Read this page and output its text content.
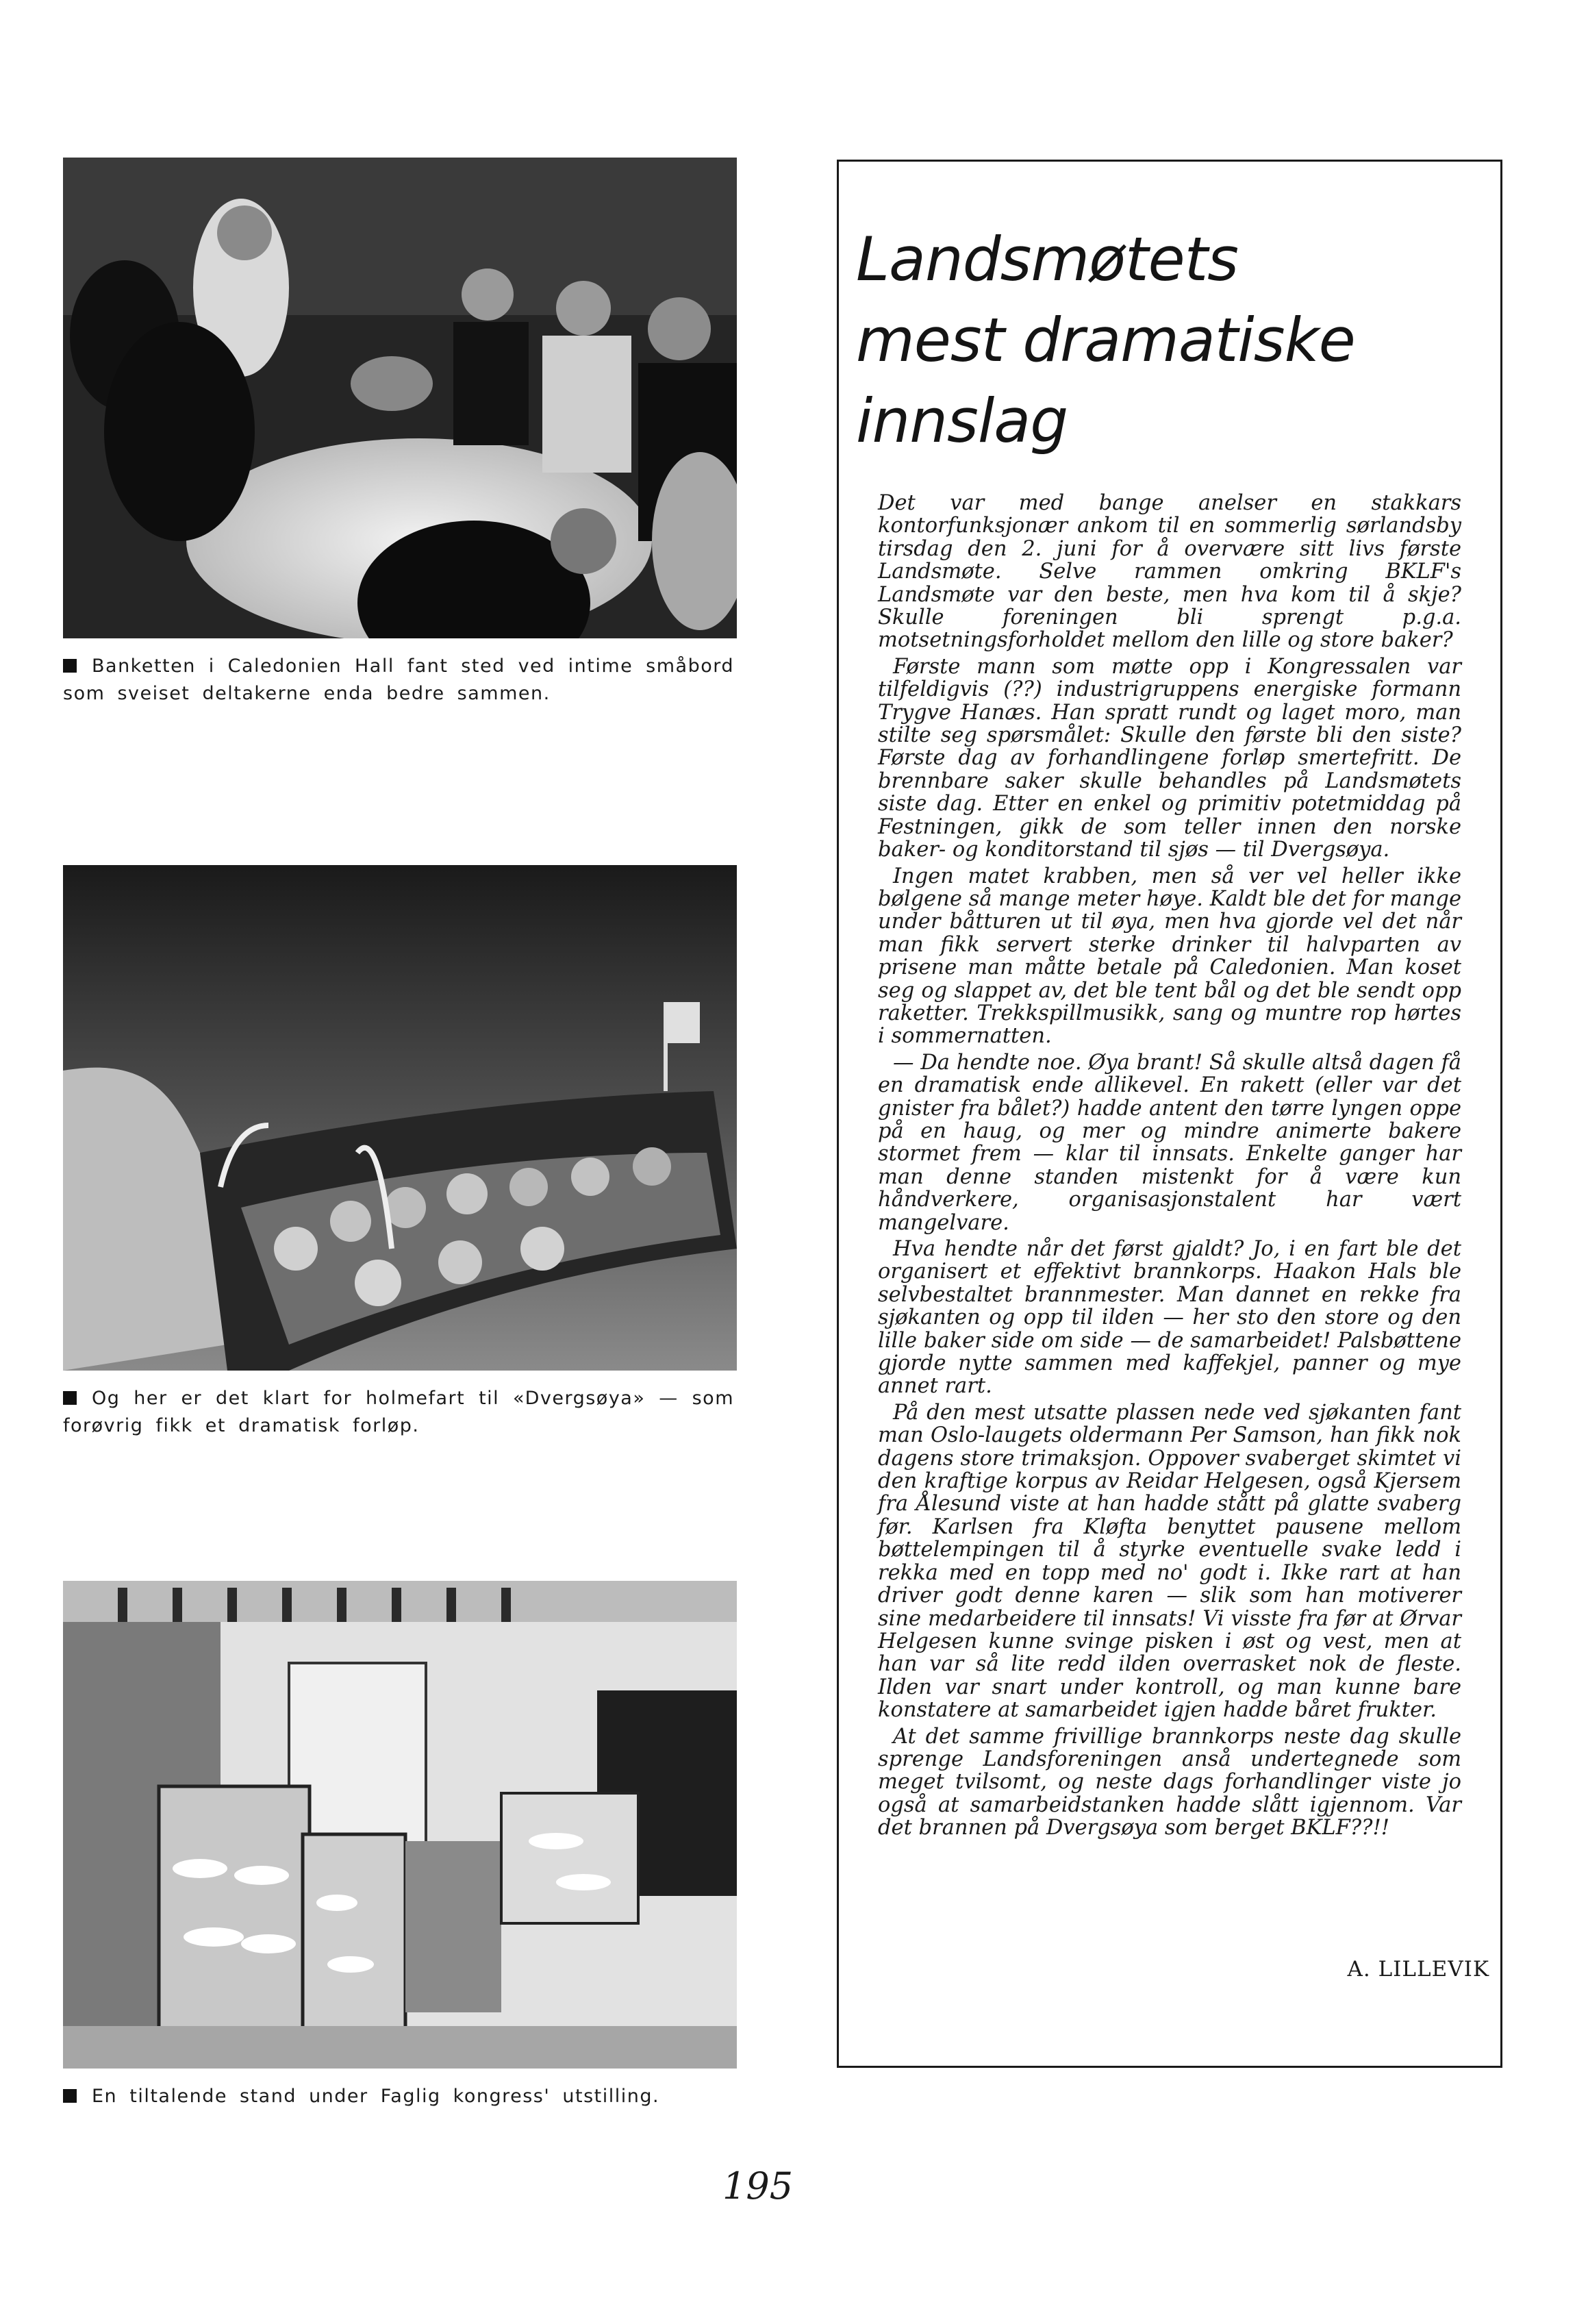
Banketten i Caledonien Hall fant sted ved intime småbord som sveiset deltakerne enda bedre sammen.
Og her er det klart for holmefart til «Dvergsøya» — som forøvrig fikk et dramatisk forløp.
En tiltalende stand under Faglig kongress' utstilling.
Landsmøtets
mest dramatiske
innslag

Det var med bange anelser en stakkars kontorfunksjonær ankom til en sommerlig sørlandsby tirsdag den 2. juni for å overvære sitt livs første Landsmøte. Selve rammen omkring BKLF's Landsmøte var den beste, men hva kom til å skje? Skulle foreningen bli sprengt p.g.a. motsetningsforholdet mellom den lille og store baker?

Første mann som møtte opp i Kongressalen var tilfeldigvis (??) industrigruppens energiske formann Trygve Hanæs. Han spratt rundt og laget moro, man stilte seg spørsmålet: Skulle den første bli den siste? Første dag av forhandlingene forløp smertefritt. De brennbare saker skulle behandles på Landsmøtets siste dag. Etter en enkel og primitiv potetmiddag på Festningen, gikk de som teller innen den norske baker- og konditorstand til sjøs — til Dvergsøya.

Ingen matet krabben, men så ver vel heller ikke bølgene så mange meter høye. Kaldt ble det for mange under båtturen ut til øya, men hva gjorde vel det når man fikk servert sterke drinker til halvparten av prisene man måtte betale på Caledonien. Man koset seg og slappet av, det ble tent bål og det ble sendt opp raketter. Trekkspillmusikk, sang og muntre rop hørtes i sommernatten.

— Da hendte noe. Øya brant! Så skulle altså dagen få en dramatisk ende allikevel. En rakett (eller var det gnister fra bålet?) hadde antent den tørre lyngen oppe på en haug, og mer og mindre animerte bakere stormet frem — klar til innsats. Enkelte ganger har man denne standen mistenkt for å være kun håndverkere, organisasjonstalent har vært mangelvare.

Hva hendte når det først gjaldt? Jo, i en fart ble det organisert et effektivt brannkorps. Haakon Hals ble selvbestaltet brannmester. Man dannet en rekke fra sjøkanten og opp til ilden — her sto den store og den lille baker side om side — de samarbeidet! Palsbøttene gjorde nytte sammen med kaffekjel, panner og mye annet rart.

På den mest utsatte plassen nede ved sjøkanten fant man Oslo-laugets oldermann Per Samson, han fikk nok dagens store trimaksjon. Oppover svaberget skimtet vi den kraftige korpus av Reidar Helgesen, også Kjersem fra Ålesund viste at han hadde stått på glatte svaberg før. Karlsen fra Kløfta benyttet pausene mellom bøttelempingen til å styrke eventuelle svake ledd i rekka med en topp med no' godt i. Ikke rart at han driver godt denne karen — slik som han motiverer sine medarbeidere til innsats! Vi visste fra før at Ørvar Helgesen kunne svinge pisken i øst og vest, men at han var så lite redd ilden overrasket nok de fleste. Ilden var snart under kontroll, og man kunne bare konstatere at samarbeidet igjen hadde båret frukter.

At det samme frivillige brannkorps neste dag skulle sprenge Landsforeningen anså undertegnede som meget tvilsomt, og neste dags forhandlinger viste jo også at samarbeidstanken hadde slått igjennom. Var det brannen på Dvergsøya som berget BKLF??!!

A. LILLEVIK
195
